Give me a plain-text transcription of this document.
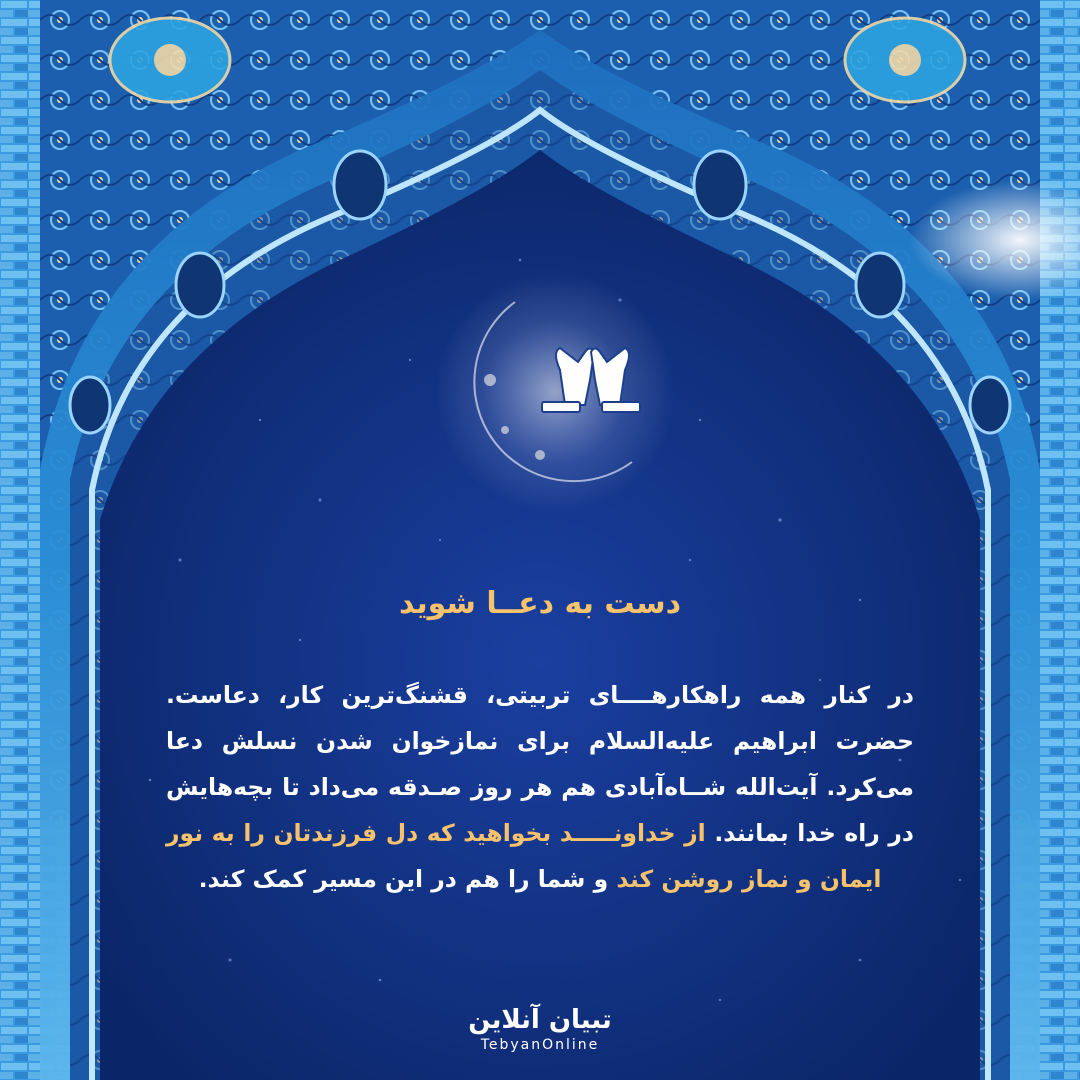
دست به دعــا شوید
در کنار همه راهکارهــــای تربیتی، قشنگ‌ترین کار، دعاست. حضرت ابراهیم علیه‌السلام برای نمازخوان شدن نسلش دعا می‌کرد. آیت‌الله شــاه‌آبادی هم هر روز صـدقه می‌داد تا بچه‌هایش در راه خدا بمانند. از خداونـــــد بخواهید که دل فرزندتان را به نور ایمان و نماز روشن کند و شما را هم در این مسیر کمک کند.
تبیان آنلاین
TebyanOnline
